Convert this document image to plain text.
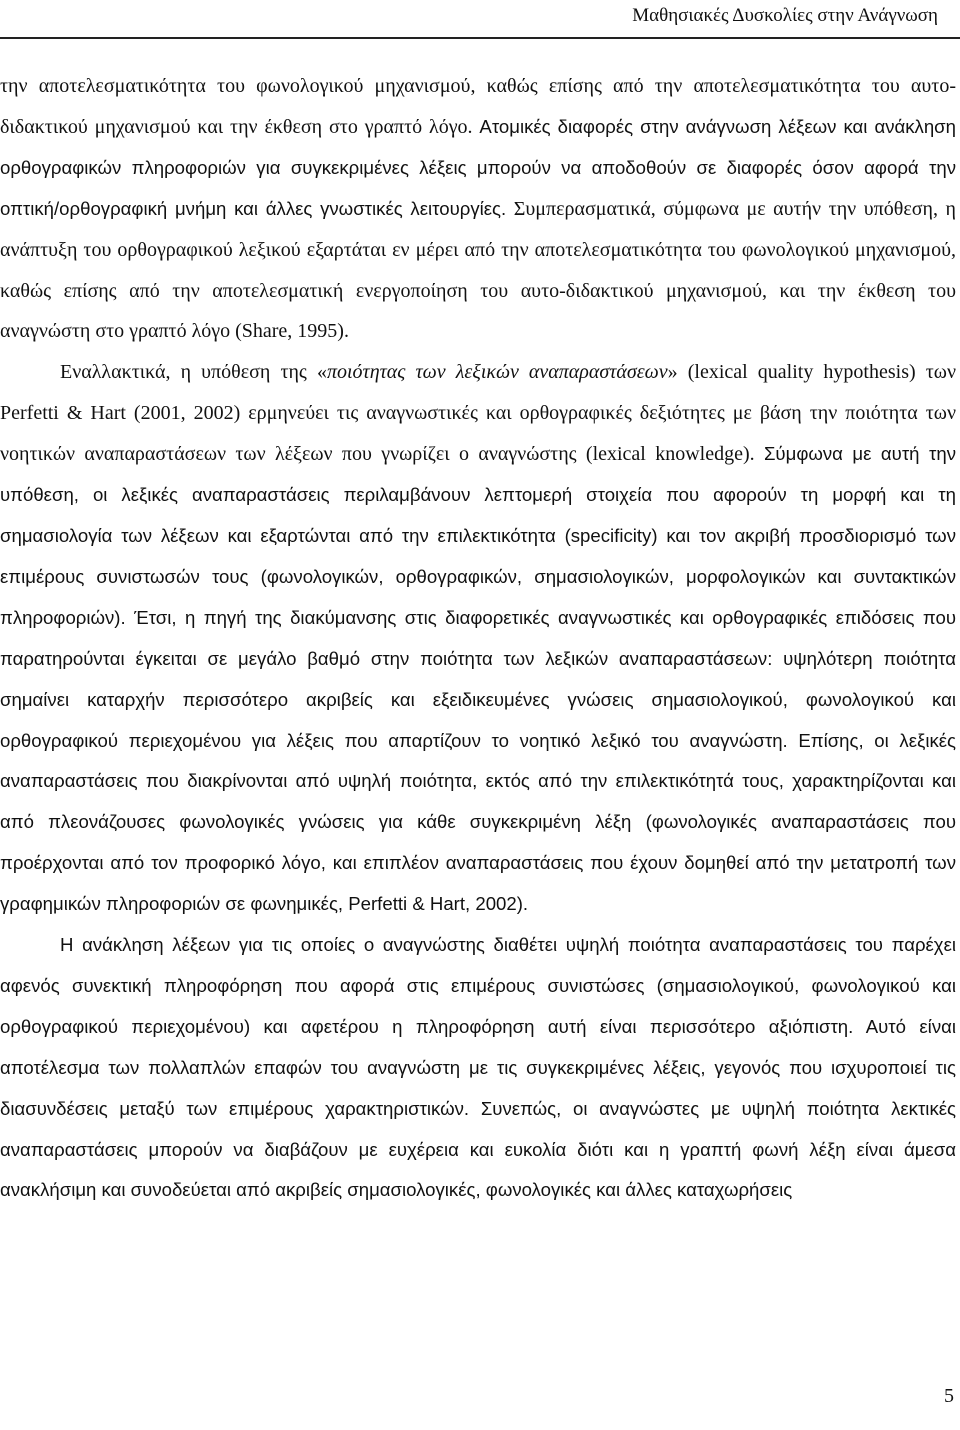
Μαθησιακές Δυσκολίες στην Ανάγνωση

την αποτελεσματικότητα του φωνολογικού μηχανισμού, καθώς επίσης από την αποτελεσματικότητα του αυτο-διδακτικού μηχανισμού και την έκθεση στο γραπτό λόγο. Ατομικές διαφορές στην ανάγνωση λέξεων και ανάκληση ορθογραφικών πληροφοριών για συγκεκριμένες λέξεις μπορούν να αποδοθούν σε διαφορές όσον αφορά την οπτική/ορθογραφική μνήμη και άλλες γνωστικές λειτουργίες. Συμπερασματικά, σύμφωνα με αυτήν την υπόθεση, η ανάπτυξη του ορθογραφικού λεξικού εξαρτάται εν μέρει από την αποτελεσματικότητα του φωνολογικού μηχανισμού, καθώς επίσης από την αποτελεσματική ενεργοποίηση του αυτο-διδακτικού μηχανισμού, και την έκθεση του αναγνώστη στο γραπτό λόγο (Share, 1995).

Εναλλακτικά, η υπόθεση της «ποιότητας των λεξικών αναπαραστάσεων» (lexical quality hypothesis) των Perfetti & Hart (2001, 2002) ερμηνεύει τις αναγνωστικές και ορθογραφικές δεξιότητες με βάση την ποιότητα των νοητικών αναπαραστάσεων των λέξεων που γνωρίζει ο αναγνώστης (lexical knowledge). Σύμφωνα με αυτή την υπόθεση, οι λεξικές αναπαραστάσεις περιλαμβάνουν λεπτομερή στοιχεία που αφορούν τη μορφή και τη σημασιολογία των λέξεων και εξαρτώνται από την επιλεκτικότητα (specificity) και τον ακριβή προσδιορισμό των επιμέρους συνιστωσών τους (φωνολογικών, ορθογραφικών, σημασιολογικών, μορφολογικών και συντακτικών πληροφοριών). Έτσι, η πηγή της διακύμανσης στις διαφορετικές αναγνωστικές και ορθογραφικές επιδόσεις που παρατηρούνται έγκειται σε μεγάλο βαθμό στην ποιότητα των λεξικών αναπαραστάσεων: υψηλότερη ποιότητα σημαίνει καταρχήν περισσότερο ακριβείς και εξειδικευμένες γνώσεις σημασιολογικού, φωνολογικού και ορθογραφικού περιεχομένου για λέξεις που απαρτίζουν το νοητικό λεξικό του αναγνώστη. Επίσης, οι λεξικές αναπαραστάσεις που διακρίνονται από υψηλή ποιότητα, εκτός από την επιλεκτικότητά τους, χαρακτηρίζονται και από πλεονάζουσες φωνολογικές γνώσεις για κάθε συγκεκριμένη λέξη (φωνολογικές αναπαραστάσεις που προέρχονται από τον προφορικό λόγο, και επιπλέον αναπαραστάσεις που έχουν δομηθεί από την μετατροπή των γραφημικών πληροφοριών σε φωνημικές, Perfetti & Hart, 2002).

Η ανάκληση λέξεων για τις οποίες ο αναγνώστης διαθέτει υψηλή ποιότητα αναπαραστάσεις του παρέχει αφενός συνεκτική πληροφόρηση που αφορά στις επιμέρους συνιστώσες (σημασιολογικού, φωνολογικού και ορθογραφικού περιεχομένου) και αφετέρου η πληροφόρηση αυτή είναι περισσότερο αξιόπιστη. Αυτό είναι αποτέλεσμα των πολλαπλών επαφών του αναγνώστη με τις συγκεκριμένες λέξεις, γεγονός που ισχυροποιεί τις διασυνδέσεις μεταξύ των επιμέρους χαρακτηριστικών. Συνεπώς, οι αναγνώστες με υψηλή ποιότητα λεκτικές αναπαραστάσεις μπορούν να διαβάζουν με ευχέρεια και ευκολία διότι και η γραπτή φωνή λέξη είναι άμεσα ανακλήσιμη και συνοδεύεται από ακριβείς σημασιολογικές, φωνολογικές και άλλες καταχωρήσεις

5
